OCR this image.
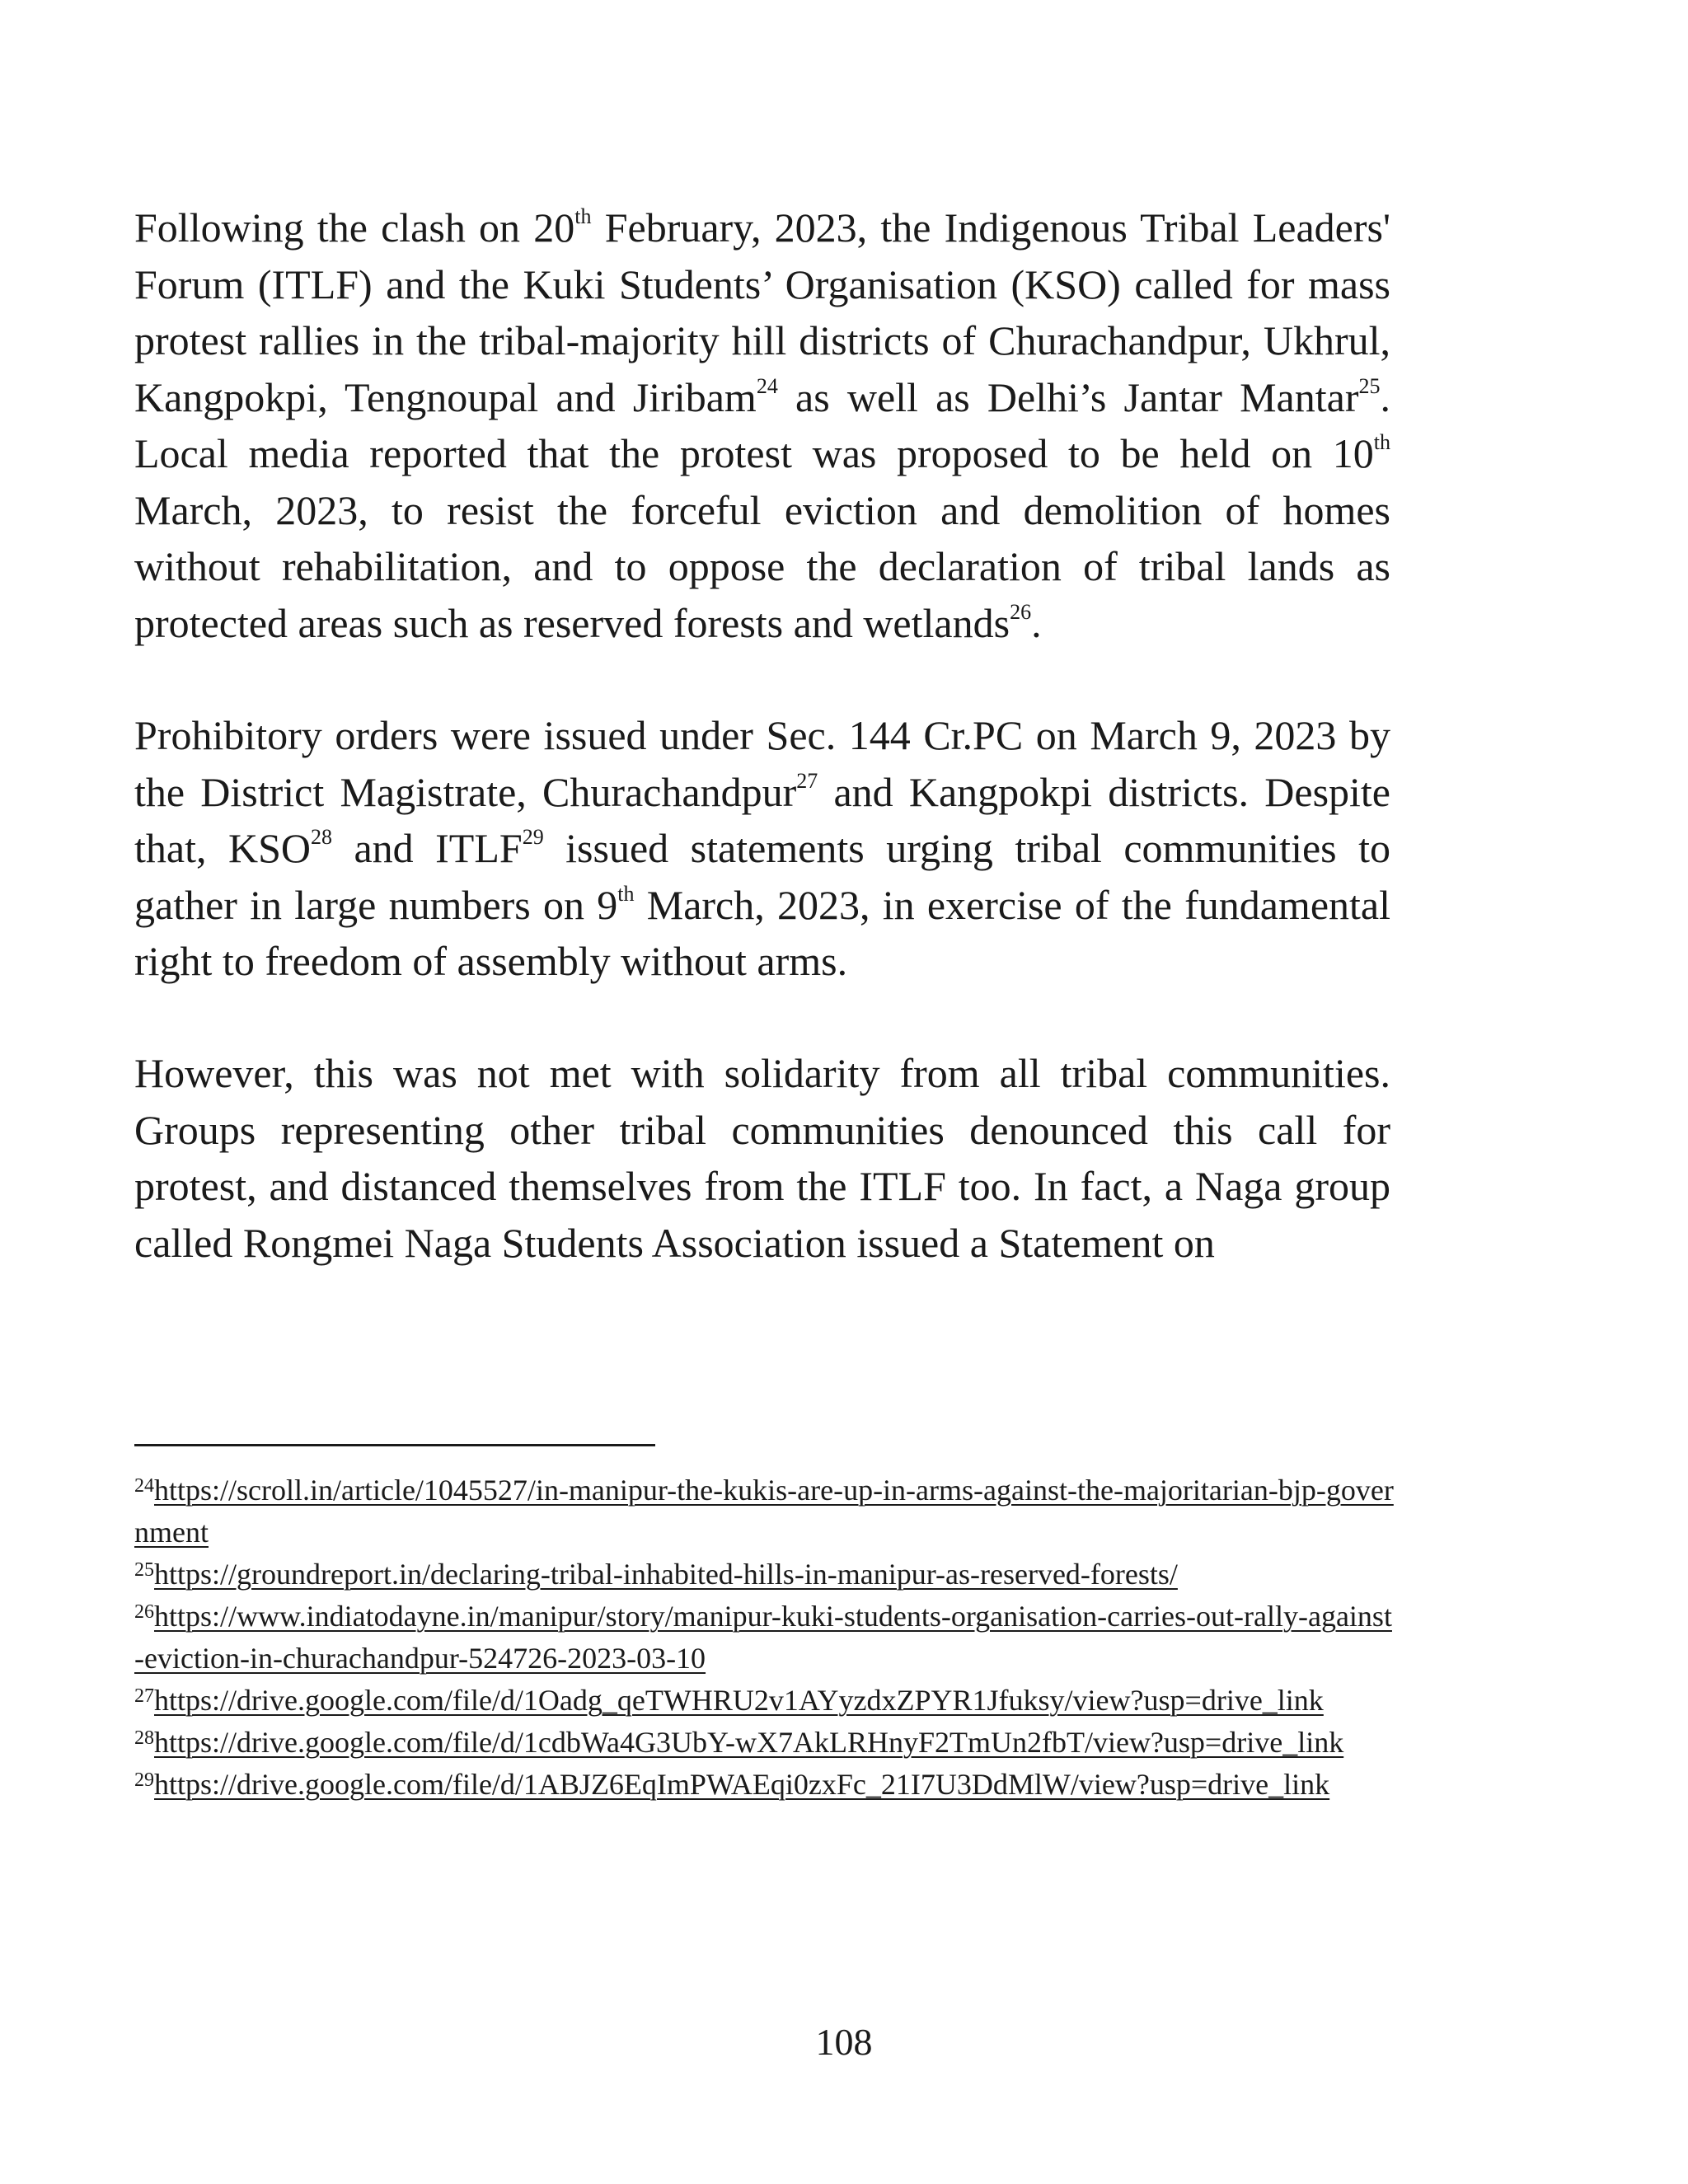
Following the clash on 20th February, 2023, the Indigenous Tribal Leaders' Forum (ITLF) and the Kuki Students’ Organisation (KSO) called for mass protest rallies in the tribal-majority hill districts of Churachandpur, Ukhrul, Kangpokpi, Tengnoupal and Jiribam$^{24}$ as well as Delhi’s Jantar Mantar$^{25}$. Local media reported that the protest was proposed to be held on 10th March, 2023, to resist the forceful eviction and demolition of homes without rehabilitation, and to oppose the declaration of tribal lands as protected areas such as reserved forests and wetlands$^{26}$.

Prohibitory orders were issued under Sec. 144 Cr.PC on March 9, 2023 by the District Magistrate, Churachandpur$^{27}$ and Kangpokpi districts. Despite that, KSO$^{28}$ and ITLF$^{29}$ issued statements urging tribal communities to gather in large numbers on 9th March, 2023, in exercise of the fundamental right to freedom of assembly without arms.

However, this was not met with solidarity from all tribal communities. Groups representing other tribal communities denounced this call for protest, and distanced themselves from the ITLF too. In fact, a Naga group called Rongmei Naga Students Association issued a Statement on

$^{24}$https://scroll.in/article/1045527/in-manipur-the-kukis-are-up-in-arms-against-the-majoritarian-bjp-government
$^{25}$https://groundreport.in/declaring-tribal-inhabited-hills-in-manipur-as-reserved-forests/
$^{26}$https://www.indiatodayne.in/manipur/story/manipur-kuki-students-organisation-carries-out-rally-against-eviction-in-churachandpur-524726-2023-03-10
$^{27}$https://drive.google.com/file/d/1Oadg_qeTWHRU2v1AYyzdxZPYR1Jfuksy/view?usp=drive_link
$^{28}$https://drive.google.com/file/d/1cdbWa4G3UbY-wX7AkLRHnyF2TmUn2fbT/view?usp=drive_link
$^{29}$https://drive.google.com/file/d/1ABJZ6EqImPWAEqi0zxFc_21I7U3DdMlW/view?usp=drive_link
108
